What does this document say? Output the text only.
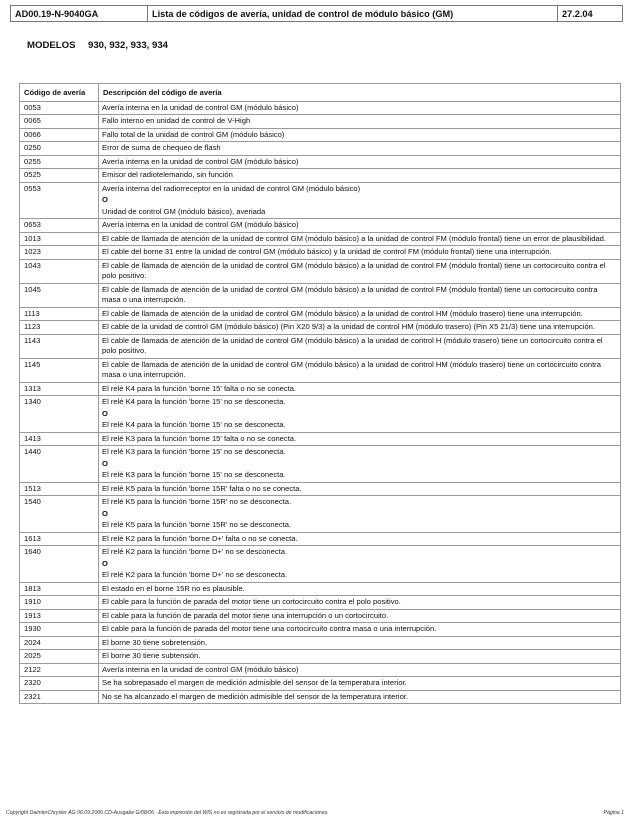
AD00.19-N-9040GA	Lista de códigos de avería, unidad de control de módulo básico (GM)	27.2.04
MODELOS 930, 932, 933, 934
Código de avería	Descripción del código de avería
0053	Avería interna en la unidad de control GM (módulo básico)
0065	Fallo interno en unidad de control de V-High
0066	Fallo total de la unidad de control GM (módulo básico)
0250	Error de suma de chequeo de flash
0255	Avería interna en la unidad de control GM (módulo básico)
0525	Emisor del radiotelemando, sin función
0553	Avería interna del radiorreceptor en la unidad de control GM (módulo básico)
O
Unidad de control GM (módulo básico), averiada
0653	Avería interna en la unidad de control GM (módulo básico)
1013	El cable de llamada de atención de la unidad de control GM (módulo básico) a la unidad de control FM (módulo frontal) tiene un error de plausibilidad.
1023	El cable del borne 31 entre la unidad de control GM (módulo básico) y la unidad de control FM (módulo frontal) tiene una interrupción.
1043	El cable de llamada de atención de la unidad de control GM (módulo básico) a la unidad de control FM (módulo frontal) tiene un cortocircuito contra el polo positivo.
1045	El cable de llamada de atención de la unidad de control GM (módulo básico) a la unidad de control FM (módulo frontal) tiene un cortocircuito contra masa o una interrupción.
1113	El cable de llamada de atención de la unidad de control GM (módulo básico) a la unidad de control HM (módulo trasero) tiene una interrupción.
1123	El cable de la unidad de control GM (módulo básico) (Pin X20 9/3) a la unidad de control HM (módulo trasero) (Pin X5 21/3) tiene una interrupción.
1143	El cable de llamada de atención de la unidad de control GM (módulo básico) a la unidad de control H (módulo trasero) tiene un cortocircuito contra el polo positivo.
1145	El cable de llamada de atención de la unidad de control GM (módulo básico) a la unidad de control HM (módulo trasero) tiene un cortocircuito contra masa o una interrupción.
1313	El relé K4 para la función 'borne 15' falta o no se conecta.
1340	El relé K4 para la función 'borne 15' no se desconecta.
O
El relé K4 para la función 'borne 15' no se desconecta.
1413	El relé K3 para la función 'borne 15' falta o no se conecta.
1440	El relé K3 para la función 'borne 15' no se desconecta.
O
El relé K3 para la función 'borne 15' no se desconecta.
1513	El relé K5 para la función 'borne 15R' falta o no se conecta.
1540	El relé K5 para la función 'borne 15R' no se desconecta.
O
El relé K5 para la función 'borne 15R' no se desconecta.
1613	El relé K2 para la función 'borne D+' falta o no se conecta.
1640	El relé K2 para la función 'borne D+' no se desconecta.
O
El relé K2 para la función 'borne D+' no se desconecta.
1813	El estado en el borne 15R no es plausible.
1910	El cable para la función de parada del motor tiene un cortocircuito contra el polo positivo.
1913	El cable para la función de parada del motor tiene una interrupción o un cortocircuito.
1930	El cable para la función de parada del motor tiene una cortocircuito contra masa o una interrupción.
2024	El borne 30 tiene sobretensión.
2025	El borne 30 tiene subtensión.
2122	Avería interna en la unidad de control GM (módulo básico)
2320	Se ha sobrepasado el margen de medición admisible del sensor de la temperatura interior.
2321	No se ha alcanzado el margen de medición admisible del sensor de la temperatura interior.
Copyright DaimlerChrysler AG 06.09.2006 CD-Ausgabe G/08/06 . Esta impresión del WIS no es registrada por el servicio de modificaciones.	Página 1
